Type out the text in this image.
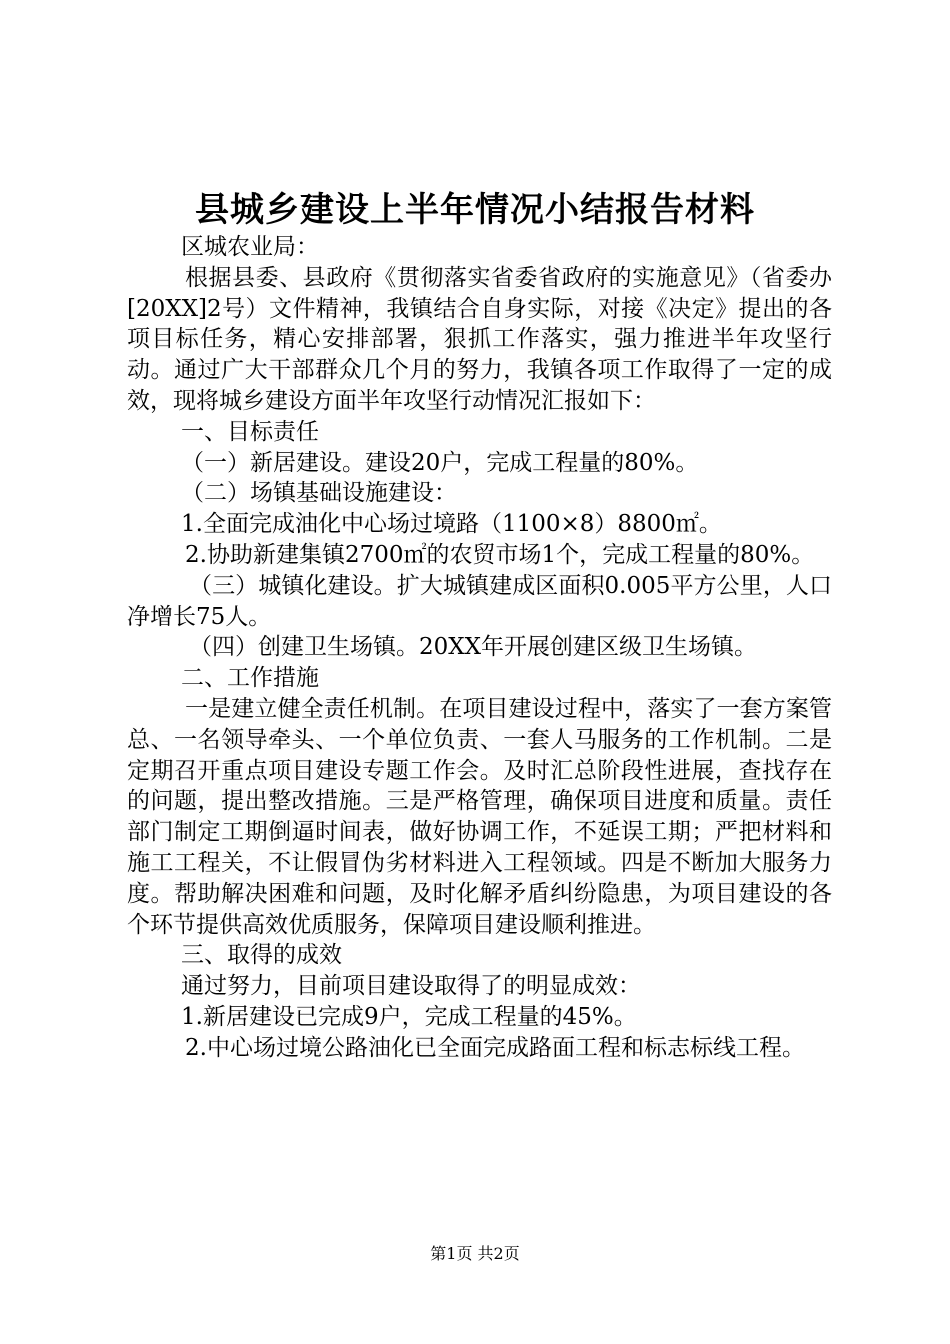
县城乡建设上半年情况小结报告材料

区城农业局：

根据县委、县政府《贯彻落实省委省政府的实施意见》（省委办[20XX]2号）文件精神，我镇结合自身实际，对接《决定》提出的各项目标任务，精心安排部署，狠抓工作落实，强力推进半年攻坚行动。通过广大干部群众几个月的努力，我镇各项工作取得了一定的成效，现将城乡建设方面半年攻坚行动情况汇报如下：

一、目标责任

（一）新居建设。建设20户，完成工程量的80%。

（二）场镇基础设施建设：

1.全面完成油化中心场过境路（1100×8）8800㎡。

2.协助新建集镇2700㎡的农贸市场1个，完成工程量的80%。

（三）城镇化建设。扩大城镇建成区面积0.005平方公里，人口净增长75人。

（四）创建卫生场镇。20XX年开展创建区级卫生场镇。

二、工作措施

一是建立健全责任机制。在项目建设过程中，落实了一套方案管总、一名领导牵头、一个单位负责、一套人马服务的工作机制。二是定期召开重点项目建设专题工作会。及时汇总阶段性进展，查找存在的问题，提出整改措施。三是严格管理，确保项目进度和质量。责任部门制定工期倒逼时间表，做好协调工作，不延误工期；严把材料和施工工程关，不让假冒伪劣材料进入工程领域。四是不断加大服务力度。帮助解决困难和问题，及时化解矛盾纠纷隐患，为项目建设的各个环节提供高效优质服务，保障项目建设顺利推进。

三、取得的成效

通过努力，目前项目建设取得了的明显成效：

1.新居建设已完成9户，完成工程量的45%。

2.中心场过境公路油化已全面完成路面工程和标志标线工程。

第1页 共2页
